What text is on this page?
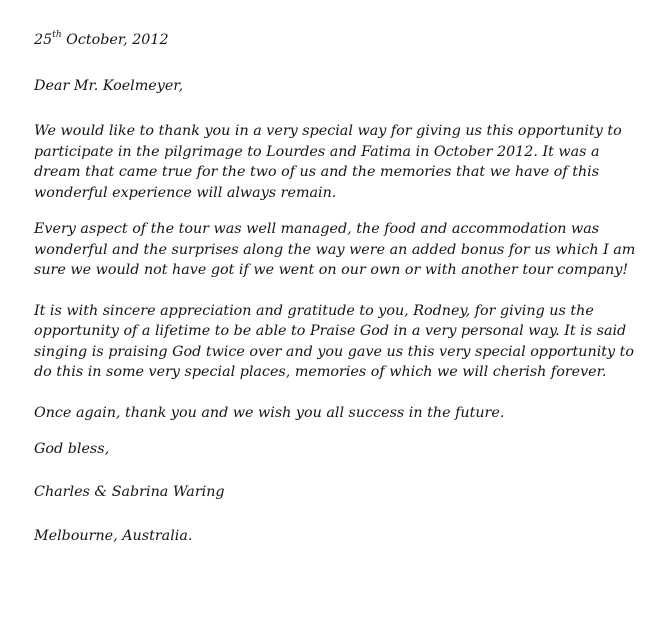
25th October, 2012
Dear Mr. Koelmeyer,
We would like to thank you in a very special way for giving us this opportunity to
participate in the pilgrimage to Lourdes and Fatima in October 2012. It was a
dream that came true for the two of us and the memories that we have of this
wonderful experience will always remain.
Every aspect of the tour was well managed, the food and accommodation was
wonderful and the surprises along the way were an added bonus for us which I am
sure we would not have got if we went on our own or with another tour company!
It is with sincere appreciation and gratitude to you, Rodney, for giving us the
opportunity of a lifetime to be able to Praise God in a very personal way. It is said
singing is praising God twice over and you gave us this very special opportunity to
do this in some very special places, memories of which we will cherish forever.
Once again, thank you and we wish you all success in the future.
God bless,
Charles & Sabrina Waring
Melbourne, Australia.
